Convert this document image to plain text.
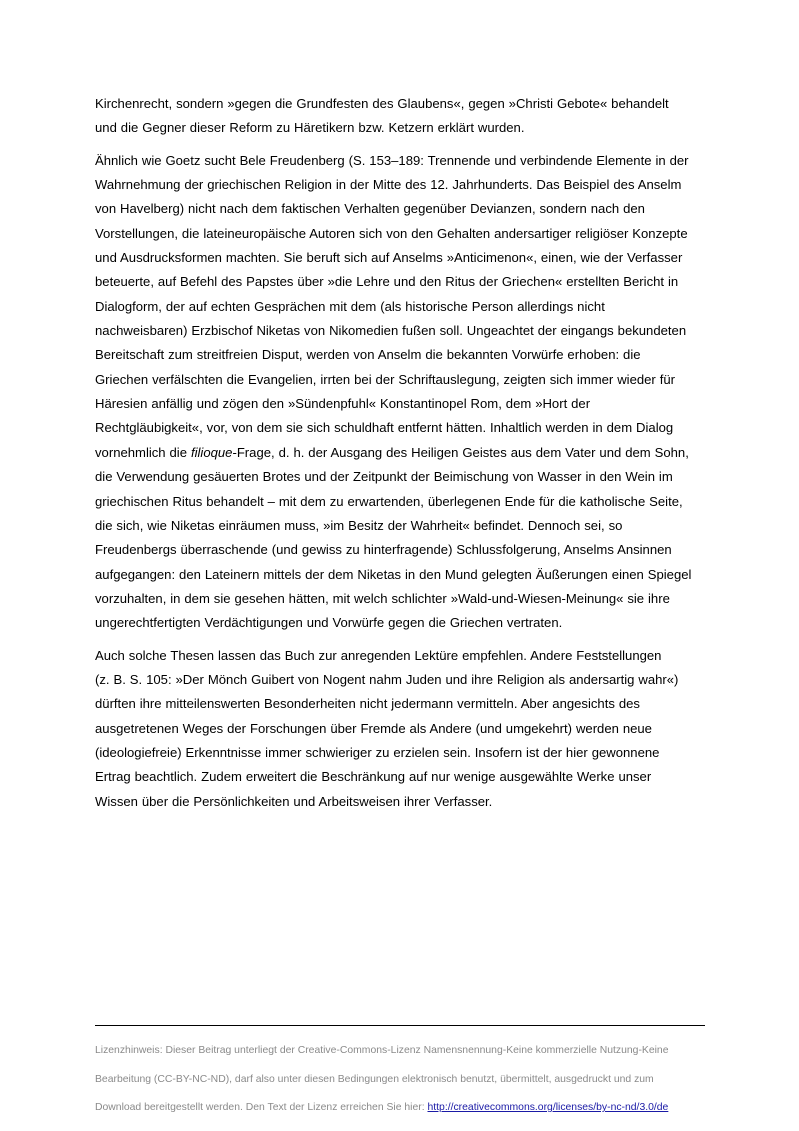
Kirchenrecht, sondern »gegen die Grundfesten des Glaubens«, gegen »Christi Gebote« behandelt
und die Gegner dieser Reform zu Häretikern bzw. Ketzern erklärt wurden.

Ähnlich wie Goetz sucht Bele Freudenberg (S. 153–189: Trennende und verbindende Elemente in der
Wahrnehmung der griechischen Religion in der Mitte des 12. Jahrhunderts. Das Beispiel des Anselm
von Havelberg) nicht nach dem faktischen Verhalten gegenüber Devianzen, sondern nach den
Vorstellungen, die lateineuropäische Autoren sich von den Gehalten andersartiger religiöser Konzepte
und Ausdrucksformen machten. Sie beruft sich auf Anselms »Anticimenon«, einen, wie der Verfasser
beteuerte, auf Befehl des Papstes über »die Lehre und den Ritus der Griechen« erstellten Bericht in
Dialogform, der auf echten Gesprächen mit dem (als historische Person allerdings nicht
nachweisbaren) Erzbischof Niketas von Nikomedien fußen soll. Ungeachtet der eingangs bekundeten
Bereitschaft zum streitfreien Disput, werden von Anselm die bekannten Vorwürfe erhoben: die
Griechen verfälschten die Evangelien, irrten bei der Schriftauslegung, zeigten sich immer wieder für
Häresien anfällig und zögen den »Sündenpfuhl« Konstantinopel Rom, dem »Hort der
Rechtgläubigkeit«, vor, von dem sie sich schuldhaft entfernt hätten. Inhaltlich werden in dem Dialog
vornehmlich die filioque-Frage, d. h. der Ausgang des Heiligen Geistes aus dem Vater und dem Sohn,
die Verwendung gesäuerten Brotes und der Zeitpunkt der Beimischung von Wasser in den Wein im
griechischen Ritus behandelt – mit dem zu erwartenden, überlegenen Ende für die katholische Seite,
die sich, wie Niketas einräumen muss, »im Besitz der Wahrheit« befindet. Dennoch sei, so
Freudenbergs überraschende (und gewiss zu hinterfragende) Schlussfolgerung, Anselms Ansinnen
aufgegangen: den Lateinern mittels der dem Niketas in den Mund gelegten Äußerungen einen Spiegel
vorzuhalten, in dem sie gesehen hätten, mit welch schlichter »Wald-und-Wiesen-Meinung« sie ihre
ungerechtfertigten Verdächtigungen und Vorwürfe gegen die Griechen vertraten.

Auch solche Thesen lassen das Buch zur anregenden Lektüre empfehlen. Andere Feststellungen
(z. B. S. 105: »Der Mönch Guibert von Nogent nahm Juden und ihre Religion als andersartig wahr«)
dürften ihre mitteilenswerten Besonderheiten nicht jedermann vermitteln. Aber angesichts des
ausgetretenen Weges der Forschungen über Fremde als Andere (und umgekehrt) werden neue
(ideologiefreie) Erkenntnisse immer schwieriger zu erzielen sein. Insofern ist der hier gewonnene
Ertrag beachtlich. Zudem erweitert die Beschränkung auf nur wenige ausgewählte Werke unser
Wissen über die Persönlichkeiten und Arbeitsweisen ihrer Verfasser.

Lizenzhinweis: Dieser Beitrag unterliegt der Creative-Commons-Lizenz Namensnennung-Keine kommerzielle Nutzung-Keine

Bearbeitung (CC-BY-NC-ND), darf also unter diesen Bedingungen elektronisch benutzt, übermittelt, ausgedruckt und zum

Download bereitgestellt werden. Den Text der Lizenz erreichen Sie hier: http://creativecommons.org/licenses/by-nc-nd/3.0/de
